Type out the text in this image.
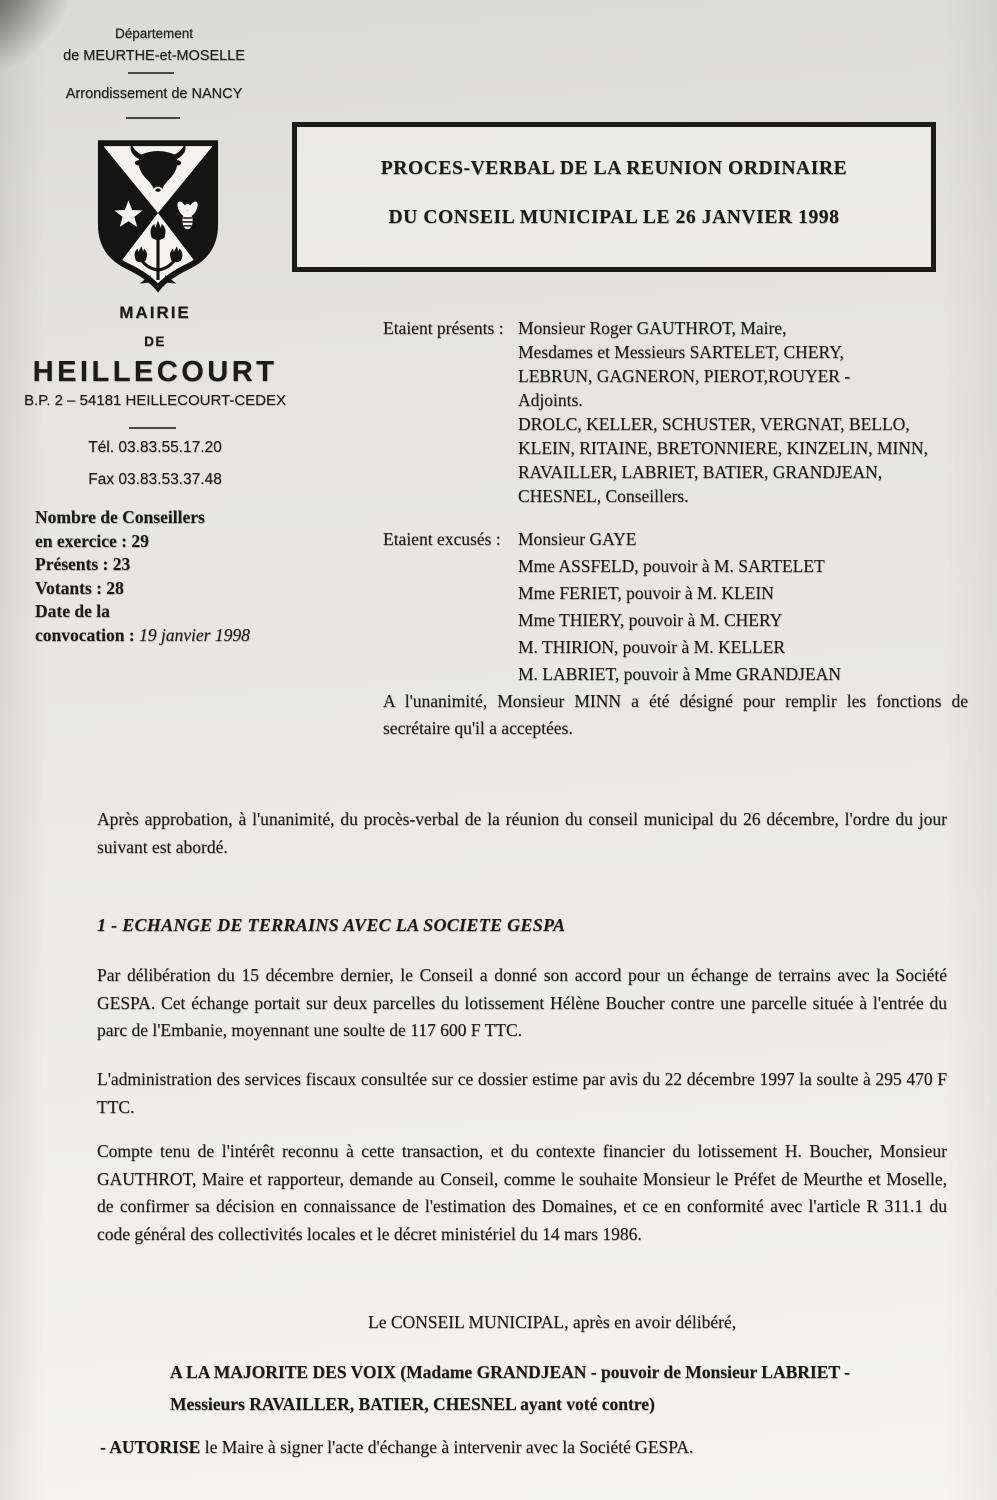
Département
de MEURTHE-et-MOSELLE
Arrondissement de NANCY
MAIRIE
DE
HEILLECOURT
B.P. 2 – 54181 HEILLECOURT-CEDEX
Tél. 03.83.55.17.20
Fax 03.83.53.37.48
Nombre de Conseillers
en exercice : 29
Présents : 23
Votants : 28
Date de la
convocation : 19 janvier 1998
PROCES-VERBAL DE LA REUNION ORDINAIRE
DU CONSEIL MUNICIPAL LE 26 JANVIER 1998
Etaient présents : Monsieur Roger GAUTHROT, Maire,
Mesdames et Messieurs SARTELET, CHERY,
LEBRUN, GAGNERON, PIEROT,ROUYER -
Adjoints.
DROLC, KELLER, SCHUSTER, VERGNAT, BELLO,
KLEIN, RITAINE, BRETONNIERE, KINZELIN, MINN,
RAVAILLER, LABRIET, BATIER, GRANDJEAN,
CHESNEL, Conseillers.
Etaient excusés : Monsieur GAYE
Mme ASSFELD, pouvoir à M. SARTELET
Mme FERIET, pouvoir à M. KLEIN
Mme THIERY, pouvoir à M. CHERY
M. THIRION, pouvoir à M. KELLER
M. LABRIET, pouvoir à Mme GRANDJEAN
A l'unanimité, Monsieur MINN a été désigné pour remplir les fonctions de secrétaire qu'il a acceptées.
Après approbation, à l'unanimité, du procès-verbal de la réunion du conseil municipal du 26 décembre, l'ordre du jour suivant est abordé.
1 - ECHANGE DE TERRAINS AVEC LA SOCIETE GESPA
Par délibération du 15 décembre dernier, le Conseil a donné son accord pour un échange de terrains avec la Société GESPA. Cet échange portait sur deux parcelles du lotissement Hélène Boucher contre une parcelle située à l'entrée du parc de l'Embanie, moyennant une soulte de 117 600 F TTC.
L'administration des services fiscaux consultée sur ce dossier estime par avis du 22 décembre 1997 la soulte à 295 470 F TTC.
Compte tenu de l'intérêt reconnu à cette transaction, et du contexte financier du lotissement H. Boucher, Monsieur GAUTHROT, Maire et rapporteur, demande au Conseil, comme le souhaite Monsieur le Préfet de Meurthe et Moselle, de confirmer sa décision en connaissance de l'estimation des Domaines, et ce en conformité avec l'article R 311.1 du code général des collectivités locales et le décret ministériel du 14 mars 1986.
Le CONSEIL MUNICIPAL, après en avoir délibéré,
A LA MAJORITE DES VOIX (Madame GRANDJEAN - pouvoir de Monsieur LABRIET -
Messieurs RAVAILLER, BATIER, CHESNEL ayant voté contre)
- AUTORISE le Maire à signer l'acte d'échange à intervenir avec la Société GESPA.
